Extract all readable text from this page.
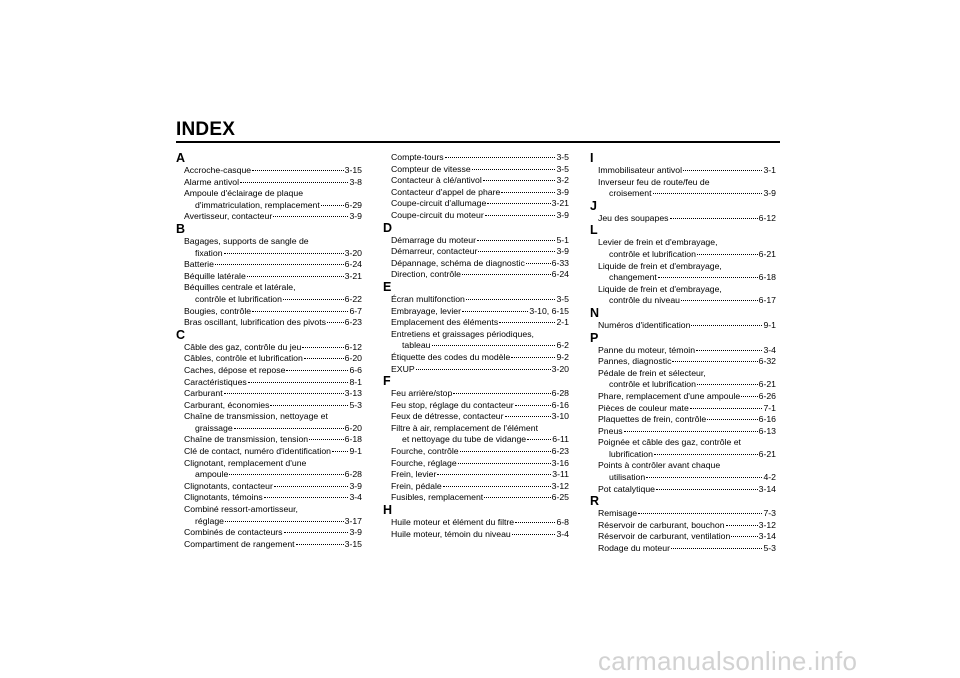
INDEX
A
Accroche-casque	3-15
Alarme antivol	3-8
Ampoule d'éclairage de plaque
d'immatriculation, remplacement	6-29
Avertisseur, contacteur	3-9
B
Bagages, supports de sangle de
fixation	3-20
Batterie	6-24
Béquille latérale	3-21
Béquilles centrale et latérale,
contrôle et lubrification	6-22
Bougies, contrôle	6-7
Bras oscillant, lubrification des pivots 6-23
C
Câble des gaz, contrôle du jeu	6-12
Câbles, contrôle et lubrification	6-20
Caches, dépose et repose	6-6
Caractéristiques	8-1
Carburant	3-13
Carburant, économies	5-3
Chaîne de transmission, nettoyage et
graissage	6-20
Chaîne de transmission, tension	6-18
Clé de contact, numéro d'identification 9-1
Clignotant, remplacement d'une
ampoule	6-28
Clignotants, contacteur	3-9
Clignotants, témoins	3-4
Combiné ressort-amortisseur,
réglage	3-17
Combinés de contacteurs	3-9
Compartiment de rangement	3-15
Compte-tours	3-5
Compteur de vitesse	3-5
Contacteur à clé/antivol	3-2
Contacteur d'appel de phare	3-9
Coupe-circuit d'allumage	3-21
Coupe-circuit du moteur	3-9
D
Démarrage du moteur	5-1
Démarreur, contacteur	3-9
Dépannage, schéma de diagnostic	6-33
Direction, contrôle	6-24
E
Écran multifonction	3-5
Embrayage, levier	3-10, 6-15
Emplacement des éléments	2-1
Entretiens et graissages périodiques,
tableau	6-2
Étiquette des codes du modèle	9-2
EXUP	3-20
F
Feu arrière/stop	6-28
Feu stop, réglage du contacteur	6-16
Feux de détresse, contacteur	3-10
Filtre à air, remplacement de l'élément
et nettoyage du tube de vidange	6-11
Fourche, contrôle	6-23
Fourche, réglage	3-16
Frein, levier	3-11
Frein, pédale	3-12
Fusibles, remplacement	6-25
H
Huile moteur et élément du filtre	6-8
Huile moteur, témoin du niveau	3-4
I
Immobilisateur antivol	3-1
Inverseur feu de route/feu de
croisement	3-9
J
Jeu des soupapes	6-12
L
Levier de frein et d'embrayage,
contrôle et lubrification	6-21
Liquide de frein et d'embrayage,
changement	6-18
Liquide de frein et d'embrayage,
contrôle du niveau	6-17
N
Numéros d'identification	9-1
P
Panne du moteur, témoin	3-4
Pannes, diagnostic	6-32
Pédale de frein et sélecteur,
contrôle et lubrification	6-21
Phare, remplacement d'une ampoule 6-26
Pièces de couleur mate	7-1
Plaquettes de frein, contrôle	6-16
Pneus	6-13
Poignée et câble des gaz, contrôle et
lubrification	6-21
Points à contrôler avant chaque
utilisation	4-2
Pot catalytique	3-14
R
Remisage	7-3
Réservoir de carburant, bouchon	3-12
Réservoir de carburant, ventilation	3-14
Rodage du moteur	5-3
carmanualsonline.info
